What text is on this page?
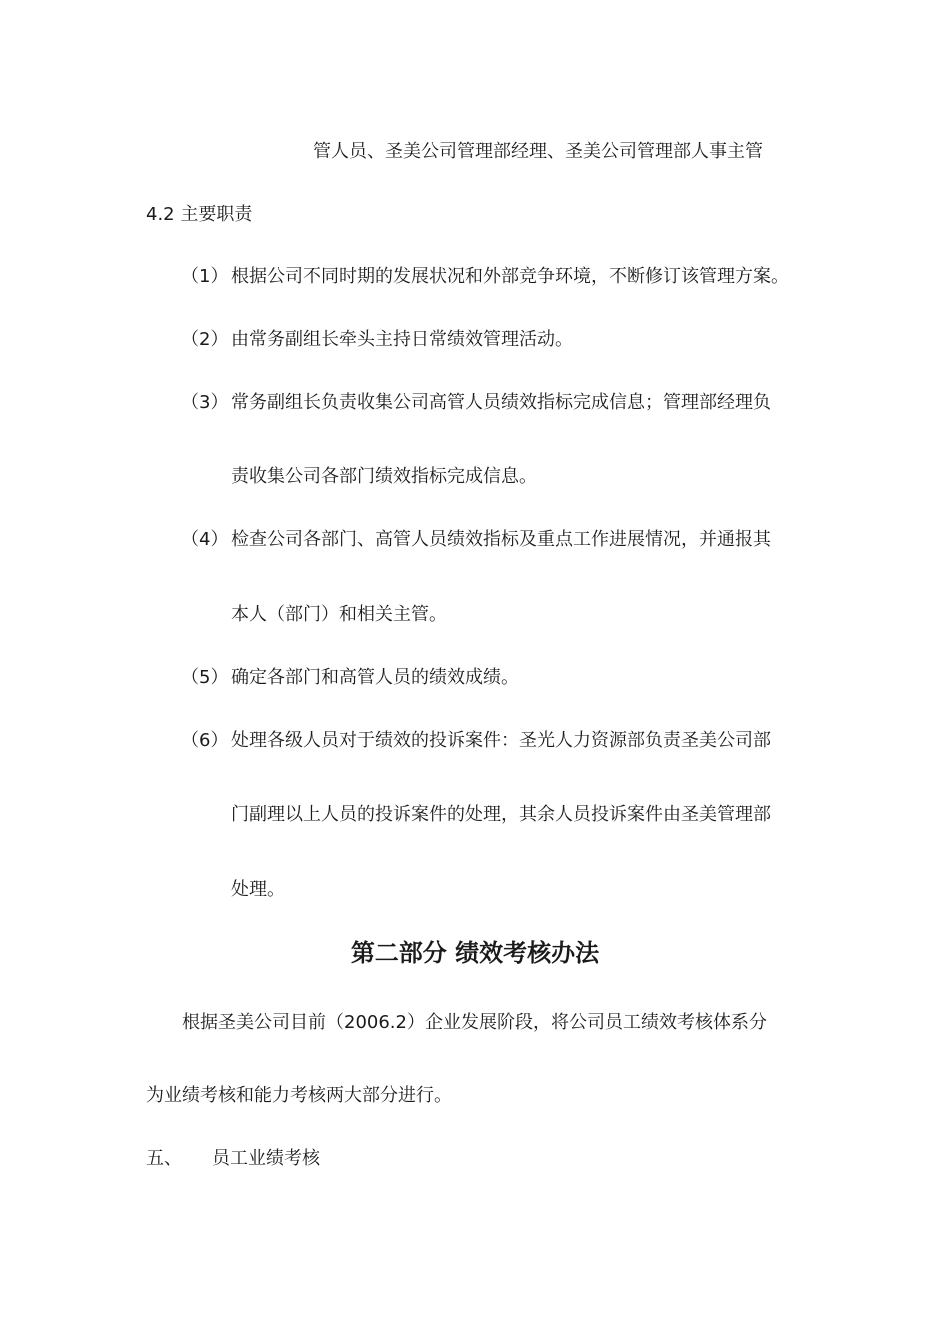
管人员、圣美公司管理部经理、圣美公司管理部人事主管
4.2 主要职责
（1） 根据公司不同时期的发展状况和外部竞争环境，不断修订该管理方案。
（2） 由常务副组长牵头主持日常绩效管理活动。
（3） 常务副组长负责收集公司高管人员绩效指标完成信息；管理部经理负
责收集公司各部门绩效指标完成信息。
（4） 检查公司各部门、高管人员绩效指标及重点工作进展情况，并通报其
本人（部门）和相关主管。
（5） 确定各部门和高管人员的绩效成绩。
（6） 处理各级人员对于绩效的投诉案件：圣光人力资源部负责圣美公司部
门副理以上人员的投诉案件的处理，其余人员投诉案件由圣美管理部
处理。
第二部分 绩效考核办法
根据圣美公司目前（2006.2）企业发展阶段，将公司员工绩效考核体系分
为业绩考核和能力考核两大部分进行。
五、 员工业绩考核
